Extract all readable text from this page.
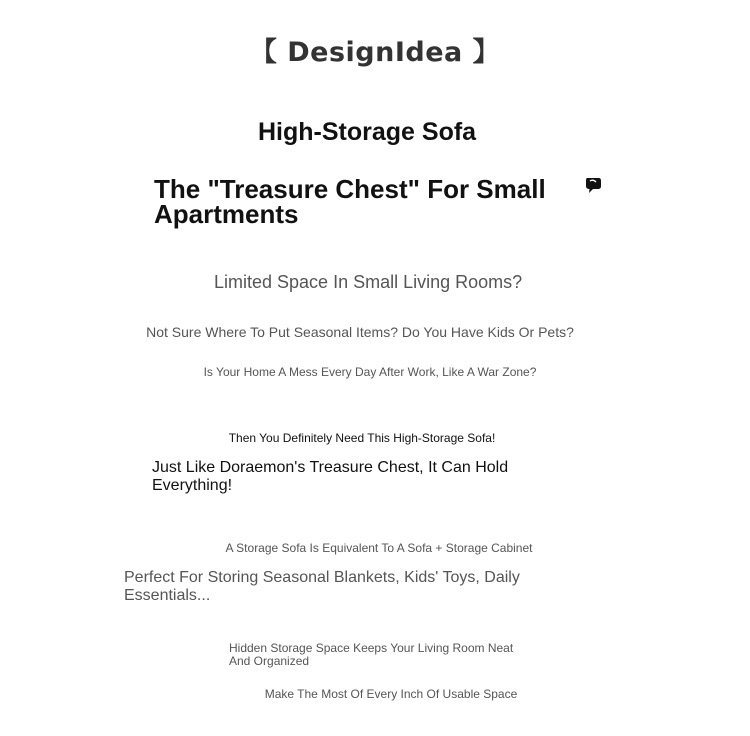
【 DesignIdea 】
High-Storage Sofa
The "Treasure Chest" For Small Apartments
Limited Space In Small Living Rooms?
Not Sure Where To Put Seasonal Items? Do You Have Kids Or Pets?
Is Your Home A Mess Every Day After Work, Like A War Zone?
Then You Definitely Need This High-Storage Sofa!
Just Like Doraemon's Treasure Chest, It Can Hold Everything!
A Storage Sofa Is Equivalent To A Sofa + Storage Cabinet
Perfect For Storing Seasonal Blankets, Kids' Toys, Daily Essentials...
Hidden Storage Space Keeps Your Living Room Neat And Organized
Make The Most Of Every Inch Of Usable Space
